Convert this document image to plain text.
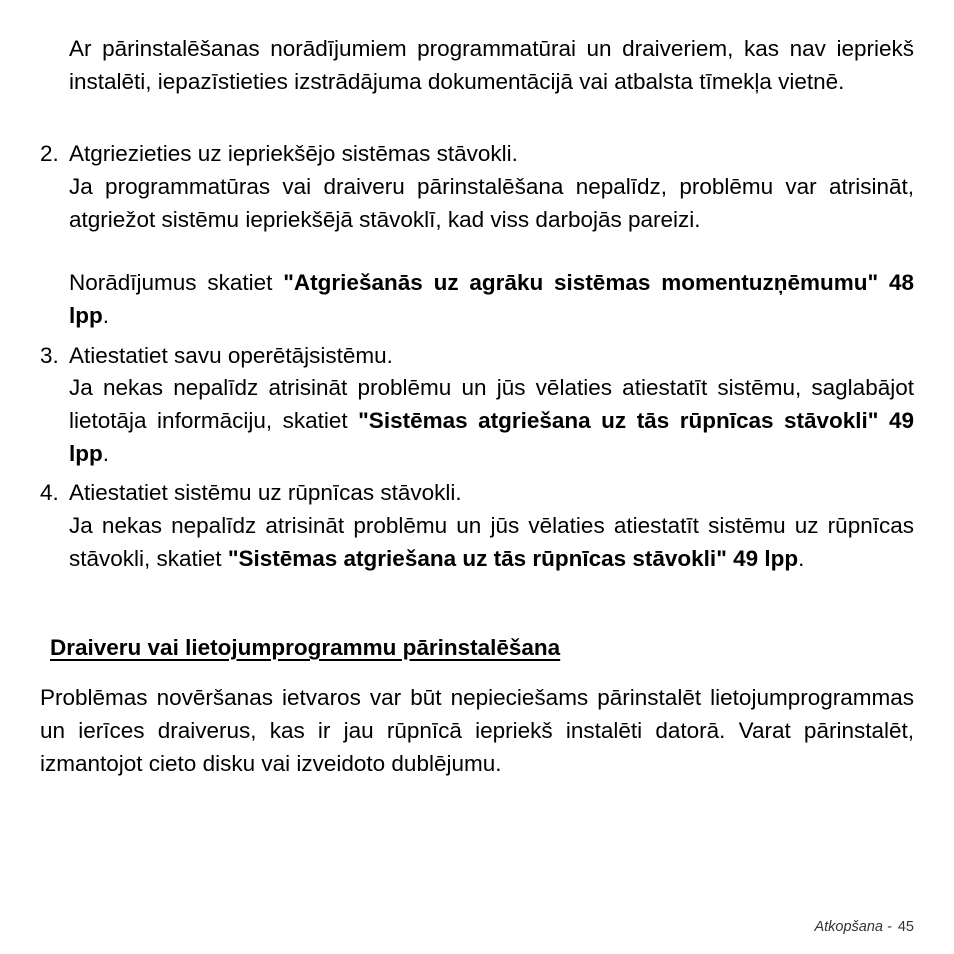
Ar pārinstalēšanas norādījumiem programmatūrai un draiveriem, kas nav iepriekš instalēti, iepazīstieties izstrādājuma dokumentācijā vai atbalsta tīmekļa vietnē.
2. Atgriezieties uz iepriekšējo sistēmas stāvokli.
Ja programmatūras vai draiveru pārinstalēšana nepalīdz, problēmu var atrisināt, atgriežot sistēmu iepriekšējā stāvoklī, kad viss darbojās pareizi.
Norādījumus skatiet "Atgriešanās uz agrāku sistēmas momentuzņēmumu" 48 lpp.
3. Atiestatiet savu operētājsistēmu.
Ja nekas nepalīdz atrisināt problēmu un jūs vēlaties atiestatīt sistēmu, saglabājot lietotāja informāciju, skatiet "Sistēmas atgriešana uz tās rūpnīcas stāvokli" 49 lpp.
4. Atiestatiet sistēmu uz rūpnīcas stāvokli.
Ja nekas nepalīdz atrisināt problēmu un jūs vēlaties atiestatīt sistēmu uz rūpnīcas stāvokli, skatiet "Sistēmas atgriešana uz tās rūpnīcas stāvokli" 49 lpp.
Draiveru vai lietojumprogrammu pārinstalēšana
Problēmas novēršanas ietvaros var būt nepieciešams pārinstalēt lietojumprogrammas un ierīces draiverus, kas ir jau rūpnīcā iepriekš instalēti datorā. Varat pārinstalēt, izmantojot cieto disku vai izveidoto dublējumu.
Atkopšana - 45
